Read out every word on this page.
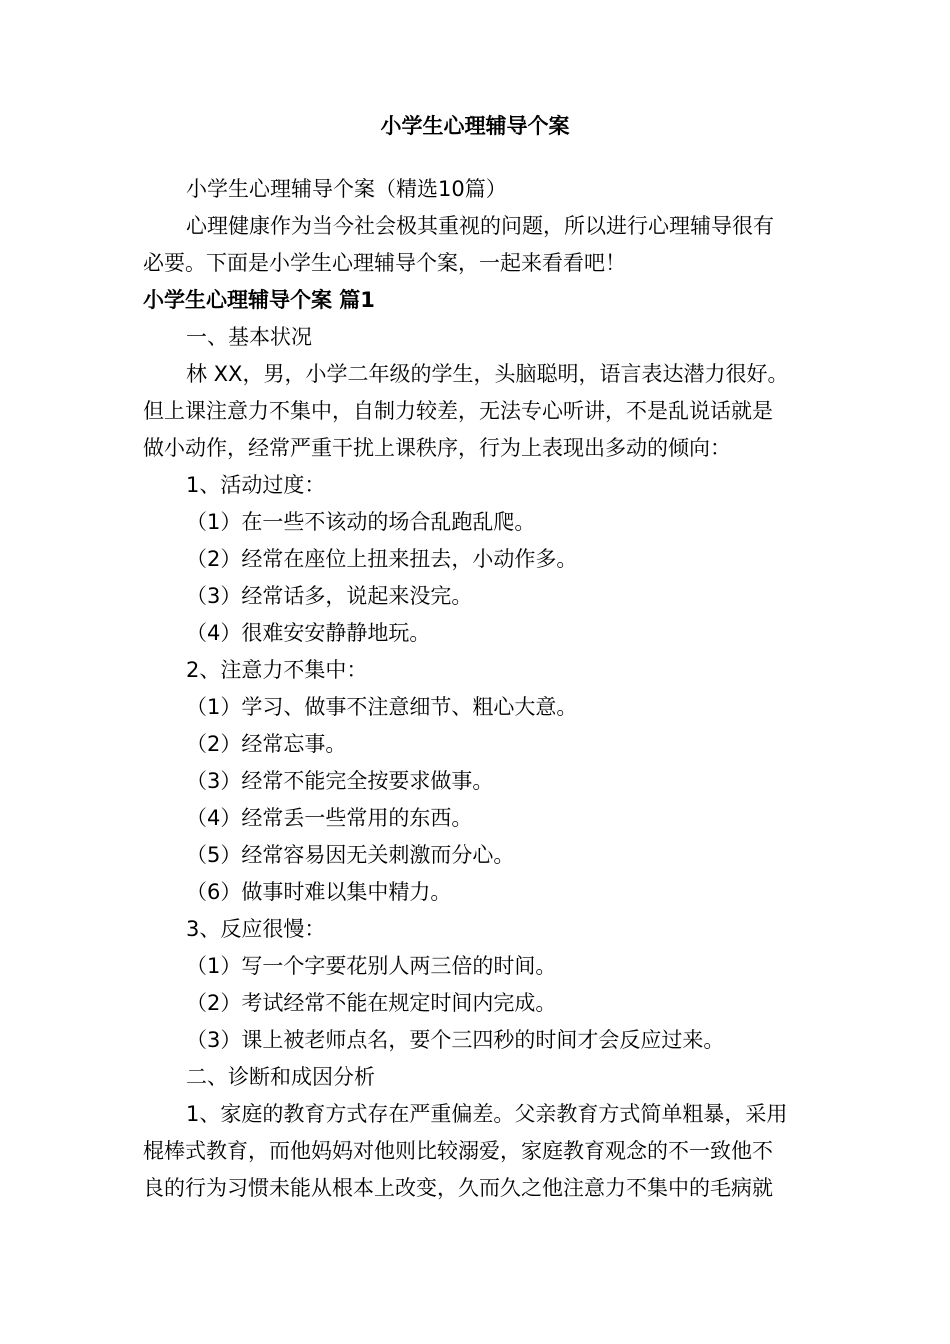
小学生心理辅导个案
小学生心理辅导个案（精选10篇）
心理健康作为当今社会极其重视的问题，所以进行心理辅导很有
必要。下面是小学生心理辅导个案，一起来看看吧！
小学生心理辅导个案 篇1
一、基本状况
林 XX，男，小学二年级的学生，头脑聪明，语言表达潜力很好。
但上课注意力不集中，自制力较差，无法专心听讲，不是乱说话就是
做小动作，经常严重干扰上课秩序，行为上表现出多动的倾向：
1、活动过度：
（1）在一些不该动的场合乱跑乱爬。
（2）经常在座位上扭来扭去，小动作多。
（3）经常话多，说起来没完。
（4）很难安安静静地玩。
2、注意力不集中：
（1）学习、做事不注意细节、粗心大意。
（2）经常忘事。
（3）经常不能完全按要求做事。
（4）经常丢一些常用的东西。
（5）经常容易因无关刺激而分心。
（6）做事时难以集中精力。
3、反应很慢：
（1）写一个字要花别人两三倍的时间。
（2）考试经常不能在规定时间内完成。
（3）课上被老师点名，要个三四秒的时间才会反应过来。
二、诊断和成因分析
1、家庭的教育方式存在严重偏差。父亲教育方式简单粗暴，采用
棍棒式教育，而他妈妈对他则比较溺爱，家庭教育观念的不一致他不
良的行为习惯未能从根本上改变，久而久之他注意力不集中的毛病就
